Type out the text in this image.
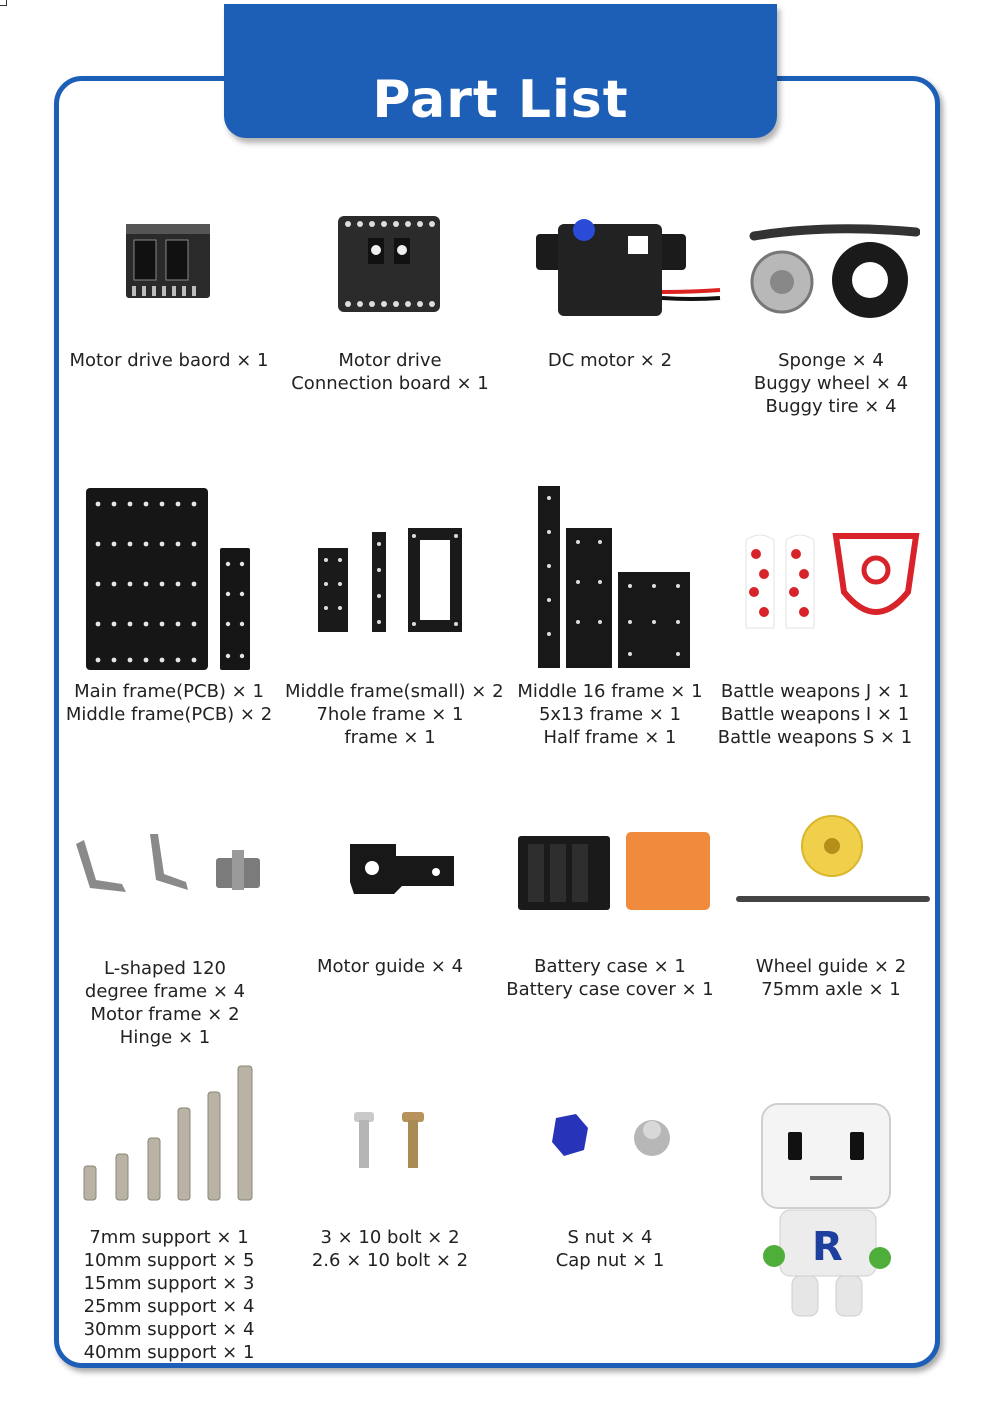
Part List
Motor drive baord × 1	Motor drive
Connection board × 1
DC motor × 2	Sponge × 4
Buggy wheel × 4
Buggy tire × 4
Main frame(PCB) × 1
Middle frame(PCB) × 2
Middle frame(small) × 2
7hole frame × 1
frame × 1
Middle 16 frame × 1
5x13 frame × 1
Half frame × 1
Battle weapons J × 1
Battle weapons I × 1
Battle weapons S × 1
L-shaped 120
degree frame × 4
Motor frame × 2
Hinge × 1
Motor guide × 4	Battery case × 1
Battery case cover × 1
Wheel guide × 2
75mm axle × 1
7mm support × 1
10mm support × 5
15mm support × 3
25mm support × 4
30mm support × 4
40mm support × 1
3 × 10 bolt × 2
2.6 × 10 bolt × 2
S nut × 4
Cap nut × 1	R
